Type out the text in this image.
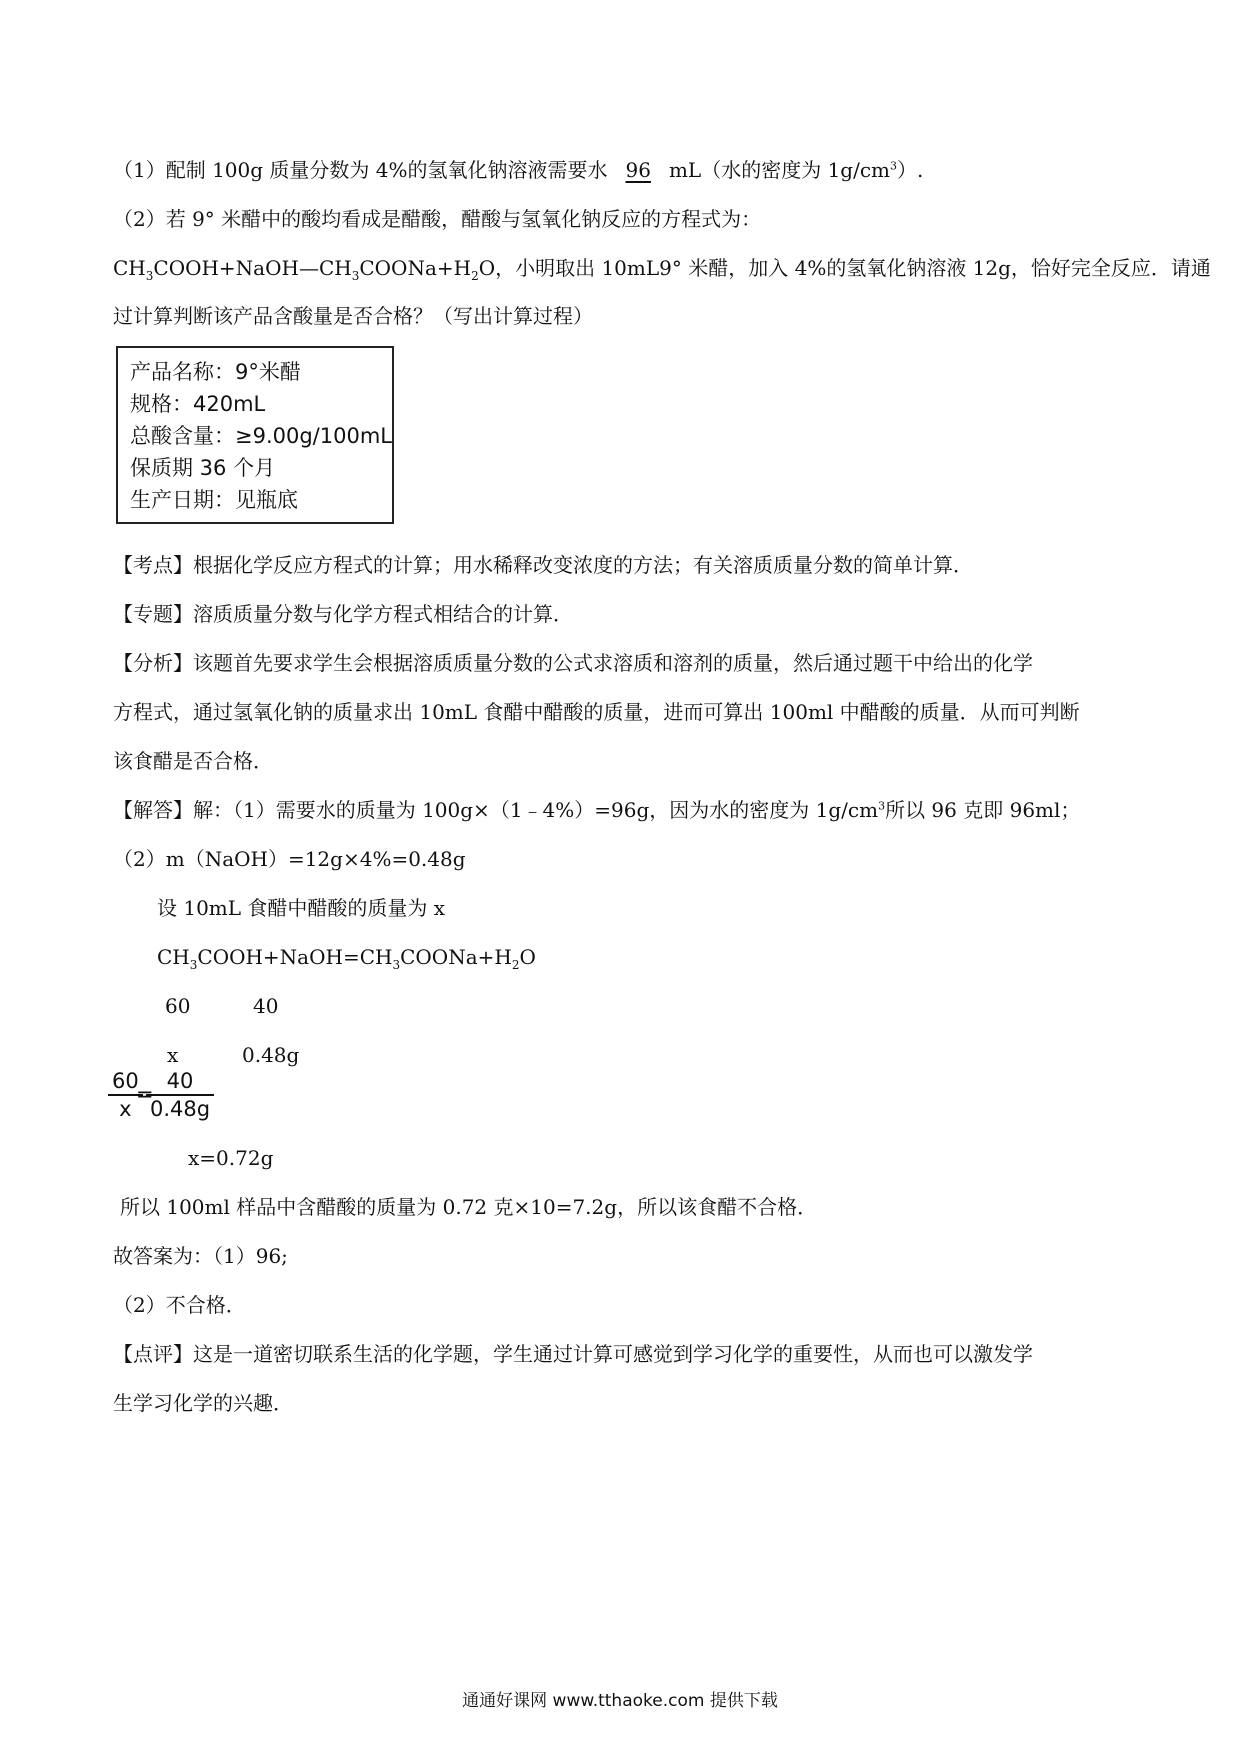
（1）配制 100g 质量分数为 4%的氢氧化钠溶液需要水 96 mL（水的密度为 $1g/cm^3$）.
（2）若 9° 米醋中的酸均看成是醋酸，醋酸与氢氧化钠反应的方程式为：
$CH_3COOH+NaOH—CH_3COONa+H_2O$，小明取出 10mL9° 米醋，加入 4%的氢氧化钠溶液 12g，恰好完全反应．请通
过计算判断该产品含酸量是否合格？（写出计算过程）
产品名称：9°米醋
规格：420mL
总酸含量：≥9.00g/100mL
保质期 36 个月
生产日期：见瓶底
【考点】根据化学反应方程式的计算；用水稀释改变浓度的方法；有关溶质质量分数的简单计算．
【专题】溶质质量分数与化学方程式相结合的计算．
【分析】该题首先要求学生会根据溶质质量分数的公式求溶质和溶剂的质量，然后通过题干中给出的化学
方程式，通过氢氧化钠的质量求出 10mL 食醋中醋酸的质量，进而可算出 100ml 中醋酸的质量．从而可判断
该食醋是否合格．
【解答】解：（1）需要水的质量为 100g×（1﹣4%）=96g，因为水的密度为 $1g/cm^3$所以 96 克即 96ml；
（2）m（NaOH）=12g×4%=0.48g
设 10mL 食醋中醋酸的质量为 x
$CH_3COOH+NaOH=CH_3COONa+H_2O$
60	40
x	0.48g
$\frac{60}{x}$
=
$\frac{40}{0.48g}$
x=0.72g
所以 100ml 样品中含醋酸的质量为 0.72 克×10=7.2g，所以该食醋不合格．
故答案为：（1）96;
（2）不合格．
【点评】这是一道密切联系生活的化学题，学生通过计算可感觉到学习化学的重要性，从而也可以激发学
生学习化学的兴趣．
通通好课网 www.tthaoke.com 提供下载
